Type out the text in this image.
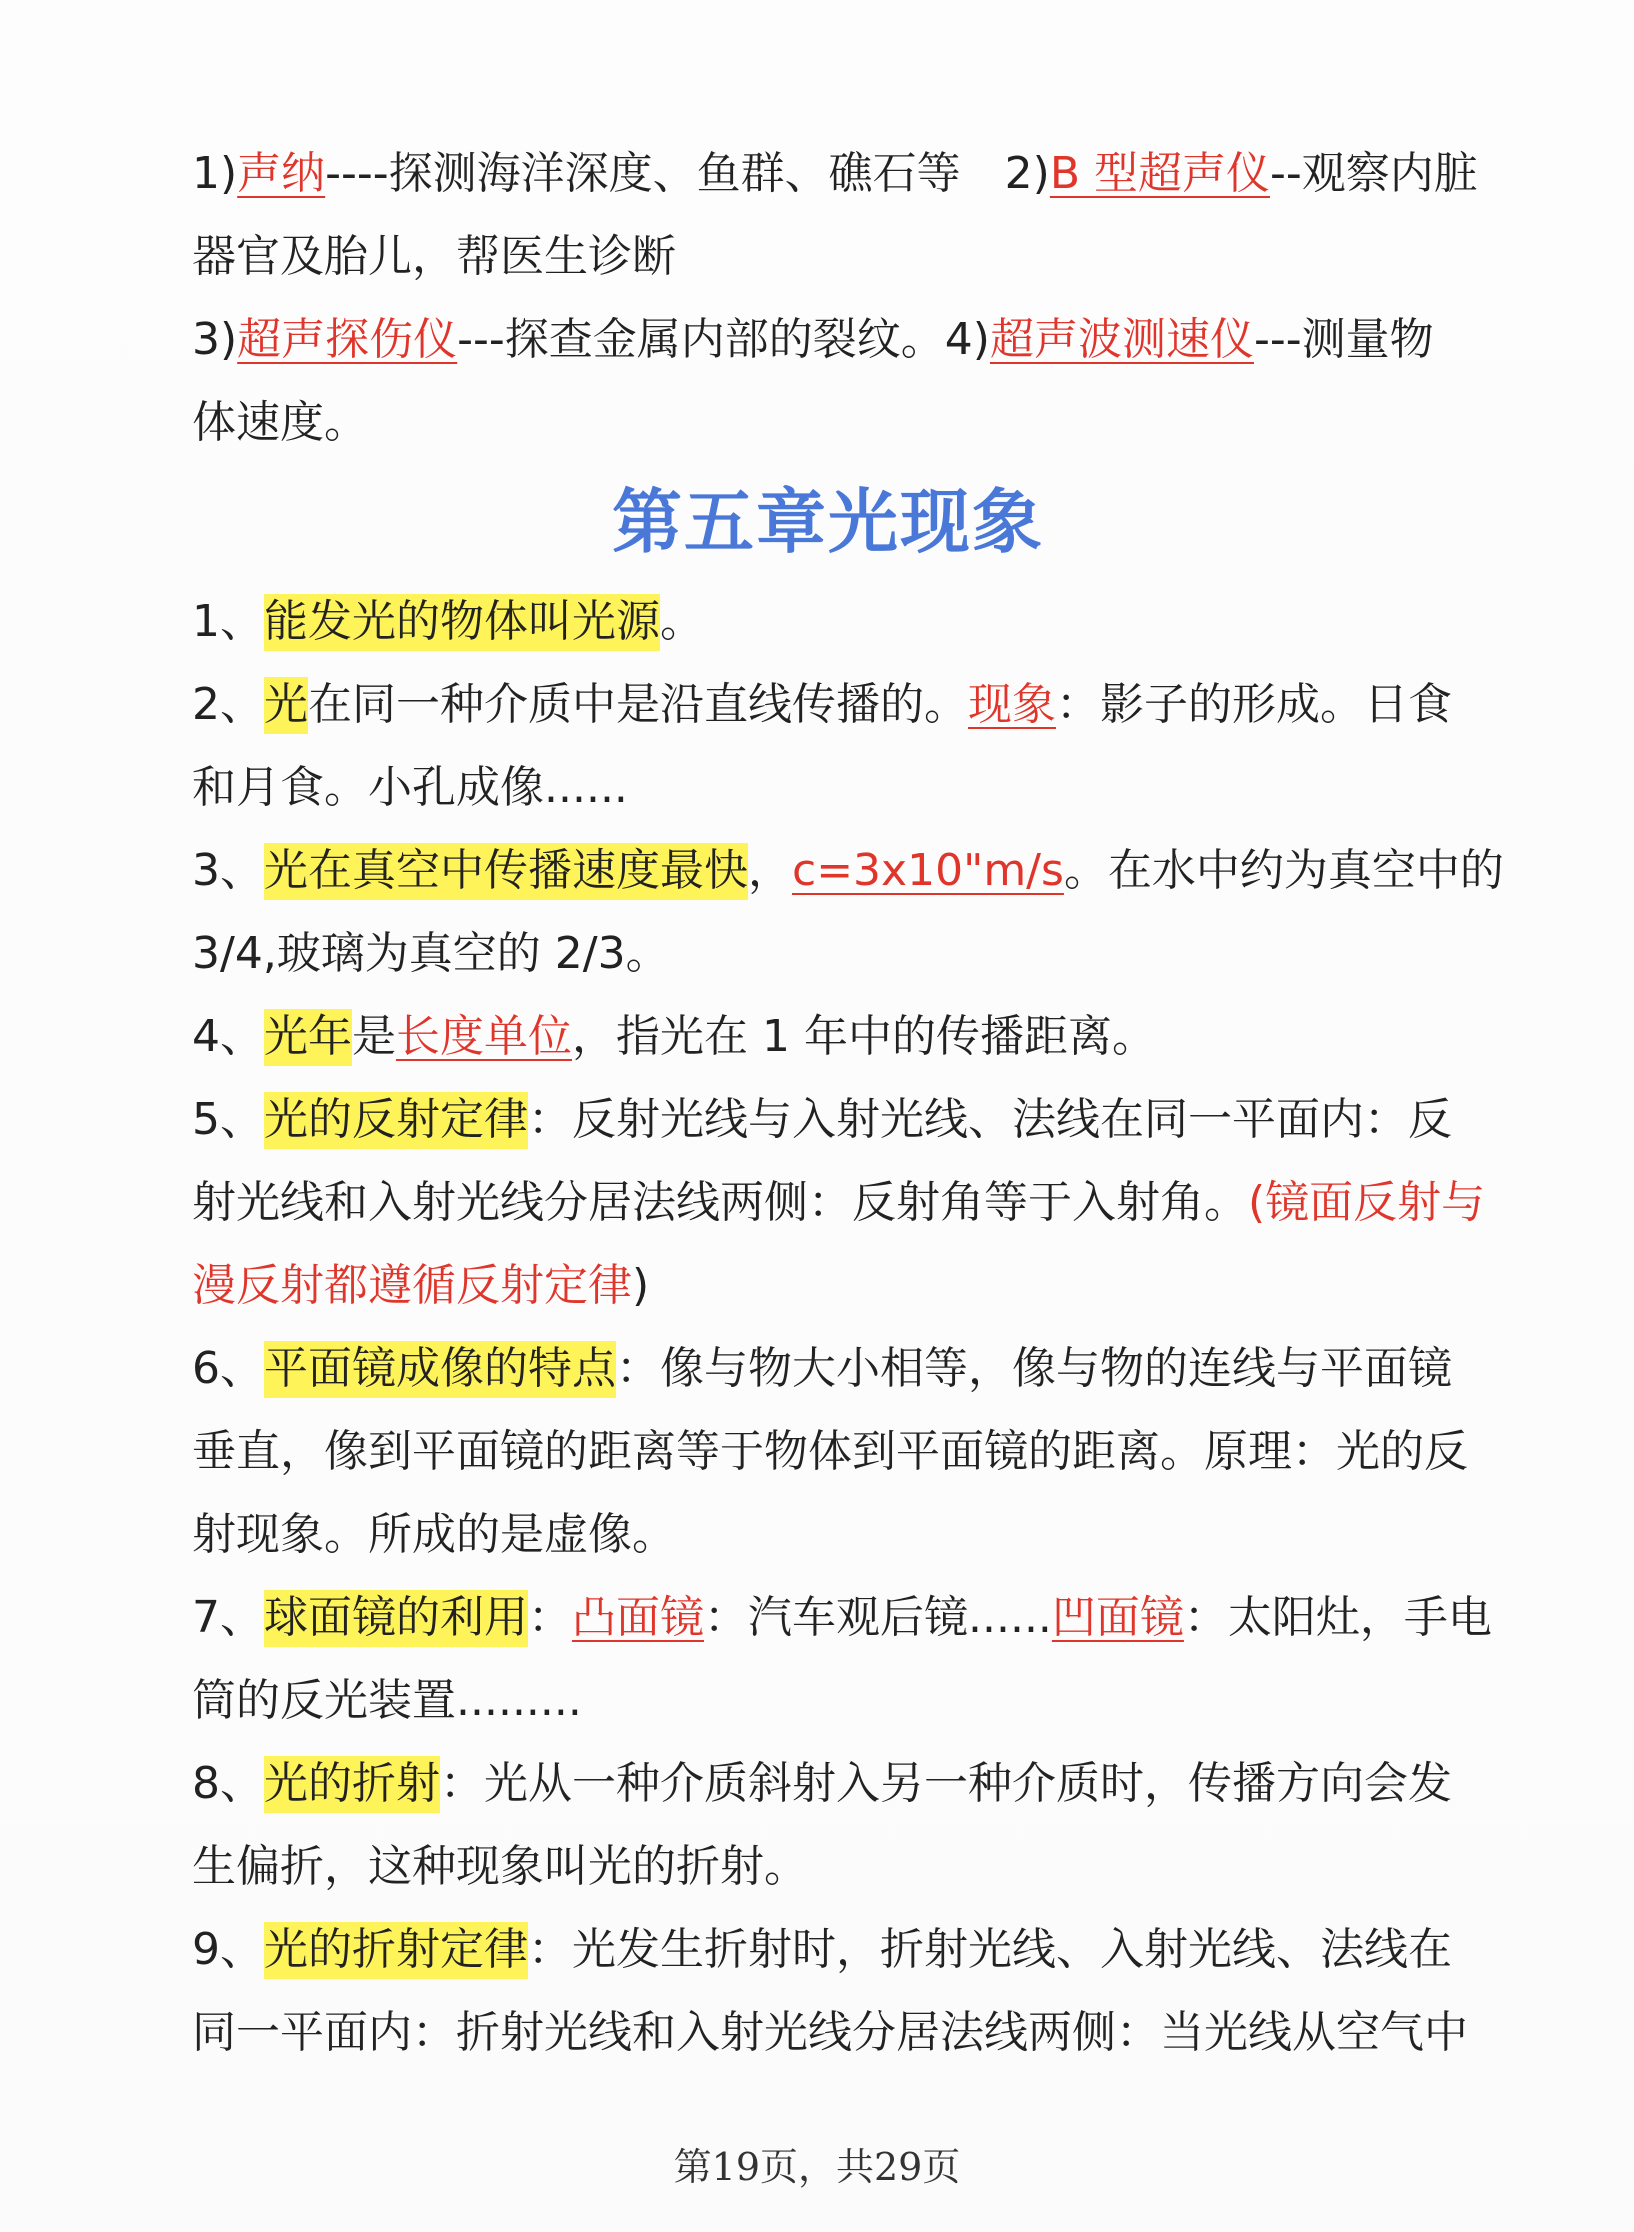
1)声纳----探测海洋深度、鱼群、礁石等　2)B 型超声仪--观察内脏

器官及胎儿，帮医生诊断

3)超声探伤仪---探查金属内部的裂纹。4)超声波测速仪---测量物

体速度。

第五章光现象

1、能发光的物体叫光源。

2、光在同一种介质中是沿直线传播的。现象：影子的形成。日食

和月食。小孔成像......

3、光在真空中传播速度最快，c=3x10"m/s。在水中约为真空中的

3/4,玻璃为真空的 2/3。

4、光年是长度单位，指光在 1 年中的传播距离。

5、光的反射定律：反射光线与入射光线、法线在同一平面内：反

射光线和入射光线分居法线两侧：反射角等于入射角。(镜面反射与

漫反射都遵循反射定律)

6、平面镜成像的特点：像与物大小相等，像与物的连线与平面镜

垂直，像到平面镜的距离等于物体到平面镜的距离。原理：光的反

射现象。所成的是虚像。

7、球面镜的利用：凸面镜：汽车观后镜......凹面镜：太阳灶，手电

筒的反光装置.........

8、光的折射：光从一种介质斜射入另一种介质时，传播方向会发

生偏折，这种现象叫光的折射。

9、光的折射定律：光发生折射时，折射光线、入射光线、法线在

同一平面内：折射光线和入射光线分居法线两侧：当光线从空气中

第19页，共29页
